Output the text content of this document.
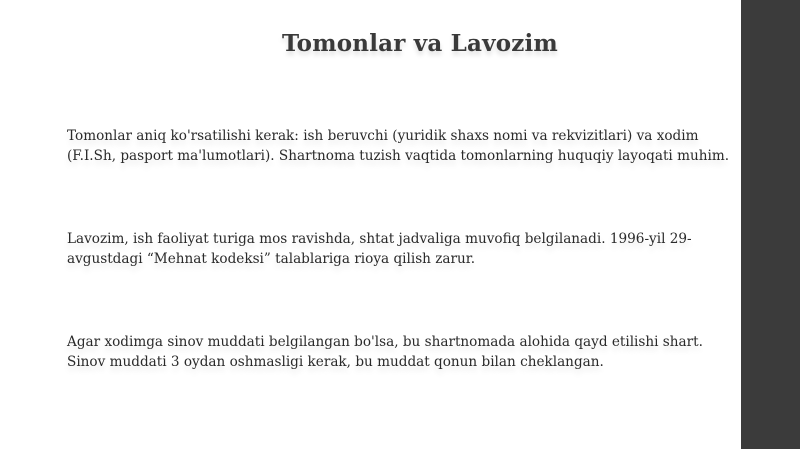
Tomonlar va Lavozim
Tomonlar aniq ko'rsatilishi kerak: ish beruvchi (yuridik shaxs nomi va rekvizitlari) va xodim (F.I.Sh, pasport ma'lumotlari). Shartnoma tuzish vaqtida tomonlarning huquqiy layoqati muhim.
Lavozim, ish faoliyat turiga mos ravishda, shtat jadvaliga muvofiq belgilanadi. 1996-yil 29-avgustdagi “Mehnat kodeksi” talablariga rioya qilish zarur.
Agar xodimga sinov muddati belgilangan bo'lsa, bu shartnomada alohida qayd etilishi shart. Sinov muddati 3 oydan oshmasligi kerak, bu muddat qonun bilan cheklangan.
